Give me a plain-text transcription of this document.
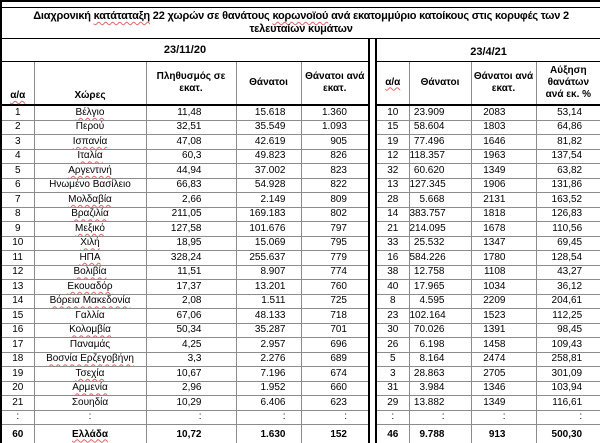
Διαχρονική κατάταταξη 22 χωρών σε θανάτους κορωνοϊού ανά εκατομμύριο κατοίκους στις κορυφές των 2 τελευταίων κυμάτων									
23/11/20						23/4/21			
α/α	Χώρες	Πληθυσμός σε εκατ.	Θάνατοι	Θάνατοι ανά εκατ.		α/α	Θάνατοι	Θάνατοι ανά εκατ.	Αύξηση θανάτων ανά εκ. %
1	Βέλγιο	11,48	15.618	1.360		10	23.909	2083	53,14
2	Περού	32,51	35.549	1.093		15	58.604	1803	64,86
3	Ισπανία	47,08	42.619	905		19	77.496	1646	81,82
4	Ιταλία	60,3	49.823	826		12	118.357	1963	137,54
5	Αργεντινή	44,94	37.002	823		32	60.620	1349	63,82
6	Ηνωμένο Βασίλειο	66,83	54.928	822		13	127.345	1906	131,86
7	Μολδαβία	2,66	2.149	809		28	5.668	2131	163,52
8	Βραζιλία	211,05	169.183	802		14	383.757	1818	126,83
9	Μεξικό	127,58	101.676	797		21	214.095	1678	110,56
10	Χιλή	18,95	15.069	795		33	25.532	1347	69,45
11	ΗΠΑ	328,24	255.637	779		16	584.226	1780	128,54
12	Βολιβία	11,51	8.907	774		38	12.758	1108	43,27
13	Εκουαδόρ	17,37	13.201	760		40	17.965	1034	36,12
14	Βόρεια Μακεδονία	2,08	1.511	725		8	4.595	2209	204,61
15	Γαλλία	67,06	48.133	718		23	102.164	1523	112,25
16	Κολομβία	50,34	35.287	701		30	70.026	1391	98,45
17	Παναμάς	4,25	2.957	696		26	6.198	1458	109,43
18	Βοσνία Ερζεγοβήνη	3,3	2.276	689		5	8.164	2474	258,81
19	Τσεχία	10,67	7.196	674		3	28.863	2705	301,09
20	Αρμενία	2,96	1.952	660		31	3.984	1346	103,94
21	Σουηδία	10,29	6.406	623		29	13.882	1349	116,61
:	:	:	:	:		:	:	:	:
60	Ελλάδα	10,72	1.630	152		46	9.788	913	500,30
